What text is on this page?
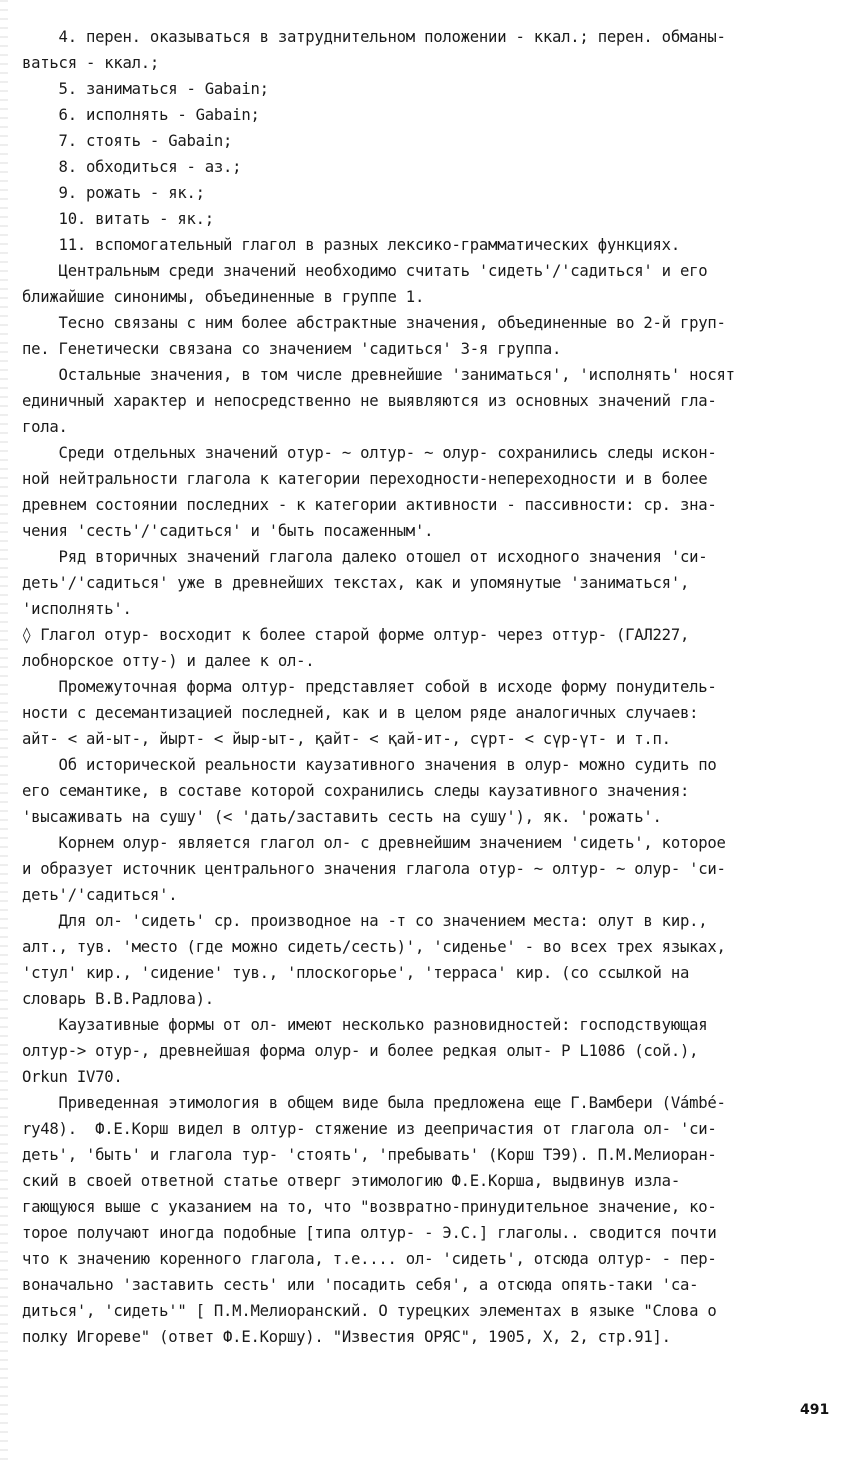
4. перен. оказываться в затруднительном положении - ккал.; перен. обманы-
ваться - ккал.;
5. заниматься - Gabain;
6. исполнять - Gabain;
7. стоять - Gabain;
8. обходиться - аз.;
9. рожать - як.;
10. витать - як.;
11. вспомогательный глагол в разных лексико-грамматических функциях.
Центральным среди значений необходимо считать 'сидеть'/'садиться' и его
ближайшие синонимы, объединенные в группе 1.
Тесно связаны с ним более абстрактные значения, объединенные во 2-й груп-
пе. Генетически связана со значением 'садиться' 3-я группа.
Остальные значения, в том числе древнейшие 'заниматься', 'исполнять' носят
единичный характер и непосредственно не выявляются из основных значений гла-
гола.
Среди отдельных значений отур- ~ олтур- ~ олур- сохранились следы искон-
ной нейтральности глагола к категории переходности-непереходности и в более
древнем состоянии последних - к категории активности - пассивности: ср. зна-
чения 'сесть'/'садиться' и 'быть посаженным'.
Ряд вторичных значений глагола далеко отошел от исходного значения 'си-
деть'/'садиться' уже в древнейших текстах, как и упомянутые 'заниматься',
'исполнять'.
◊ Глагол отур- восходит к более старой форме олтур- через оттур- (ГАЛ227,
лобнорское отту-) и далее к ол-.
Промежуточная форма олтур- представляет собой в исходе форму понудитель-
ности с десемантизацией последней, как и в целом ряде аналогичных случаев:
айт- < ай-ыт-, йырт- < йыр-ыт-, қайт- < қай-ит-, сүрт- < сүр-үт- и т.п.
Об исторической реальности каузативного значения в олур- можно судить по
его семантике, в составе которой сохранились следы каузативного значения:
'высаживать на сушу' (< 'дать/заставить сесть на сушу'), як. 'рожать'.
Корнем олур- является глагол ол- с древнейшим значением 'сидеть', которое
и образует источник центрального значения глагола отур- ~ олтур- ~ олур- 'си-
деть'/'садиться'.
Для ол- 'сидеть' ср. производное на -т со значением места: олут в кир.,
алт., тув. 'место (где можно сидеть/сесть)', 'сиденье' - во всех трех языках,
'стул' кир., 'сидение' тув., 'плоскогорье', 'терраса' кир. (со ссылкой на
словарь В.В.Радлова).
Каузативные формы от ол- имеют несколько разновидностей: господствующая
олтур-> отур-, древнейшая форма олур- и более редкая олыт- Р L1086 (сой.),
Orkun IV70.
Приведенная этимология в общем виде была предложена еще Г.Вамбери (Vámbé-
ry48).  Ф.Е.Корш видел в олтур- стяжение из деепричастия от глагола ол- 'си-
деть', 'быть' и глагола тур- 'стоять', 'пребывать' (Корш ТЭ9). П.М.Мелиоран-
ский в своей ответной статье отверг этимологию Ф.Е.Корша, выдвинув изла-
гающуюся выше с указанием на то, что "возвратно-принудительное значение, ко-
торое получают иногда подобные [типа олтур- - Э.С.] глаголы.. сводится почти
что к значению коренного глагола, т.е.... ол- 'сидеть', отсюда олтур- - пер-
воначально 'заставить сесть' или 'посадить себя', а отсюда опять-таки 'са-
диться', 'сидеть'" [ П.М.Мелиоранский. О турецких элементах в языке "Слова о
полку Игореве" (ответ Ф.Е.Коршу). "Известия ОРЯС", 1905, Х, 2, стр.91].
491
